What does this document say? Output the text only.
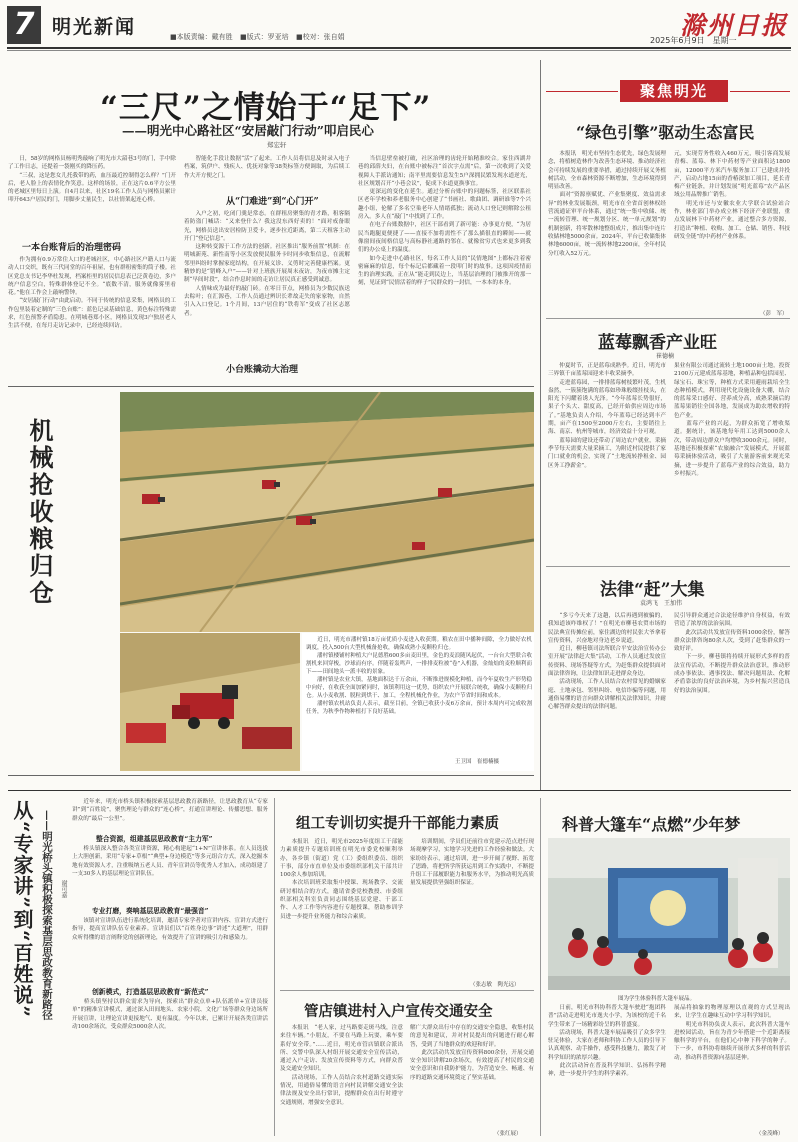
7 明光新闻	■本版责编：戴有胜 ■版式：罗亚培 ■校对：张自娟	滁州日报
2025年6月9日　星期一
“三尺”之情始于“足下”
——明光中心路社区“安居敲门行动”叩启民心
郑宏轩
　　日，58岁的网格员杨明秀敲响了明光市大韶巷3号的门，手中除了工作日志，还提着一袋刚买的降压药。
　　“三叔，这是您女儿托我带的药，血压最近控制得怎么样？”门开后，老人脸上的表情化作笑意。这样的场景，正在这片0.6平方公里的老城区里每日上演。自4月以来，社区19名工作人员与网格员累计叩开643户居民的门，用脚步丈量民生，以社情架起连心桥。
一本台账背后的治理密码
　　作为拥有0.9万常住人口的老城社区，中心路社区户籍人口与流动人口交织，既有三代同堂的百年祖屋，也有群租密集的筒子楼。社区党总支书记李华杜发现，档案柜里的居民信息表已泛黄卷边，多户统户信息空白，特殊群体登记不全。“底数不清，服务就像雾里看花。”他在工作会上敲响警钟。
　　“安居敲门行动”由此启动。不同于传统的信息采集，网格员的工作包里装着定制的“三色台账”：蓝色记录基础信息，黄色标注特殊需求，红色预警矛盾隐患。在明城巷郑小区，网格员发现3户独居老人生活不便，在每月走访记录中，已经连续回访。
　　智能化手段让数据“活”了起来。工作人员将信息及时录入电子档案，筑伊户、残疾人、优抚对象等38类标签方便调取，为后续工作大开方便之门。
从“门难进”到“心门开”
　　入户之初，吃闭门羹是常态。在群租房聚集的青才路，租客隔着防盗门喊话：“又来登什么？我这没东西好卖的！”面对戒备眼光，网格员送出安居检防卫爱卡，逐步拉近距离，第二天租客主动开门“登记信息”。
　　这种转变源于工作方法的创新。社区推出“服务前置”机制：在明城新苑、新性南等小区发放便民服务卡时同步收集信息，在流解邻里纠纷时掌握家庭结构，在开展义诊、义剪时完善健康档案。更精妙的是“错峰入户”——针对上班族开展周末夜访，为夜市摊主定制“早间时段”，结合作息时间的走访让居民真正感受到诚意。
　　人情味成为最好的敲门砖。在零日节点，网格员为少数民族送去粽叶；在汇源巷，工作人员通过辨识长辈故走失的家家物，自然引入入口登记。1个月间，13户居住的“铁将军”变成了社区志愿者。
小台账撬动大治理
　　当信息壁垒被打破，社区治理的齿轮开始精准咬合。家住西湖井巷的邱薛夫妇，在台账中被标注“首次字点需”后，第一次收到了关爱视障人手派访通知；南平里需要信息发生5户深拥民繁发现水道逆光，社区规划召开“小巷会议”，促成下水道更换事宜。
　　更深远的变化在延生。通过分析台账中的问题标签，社区联系社区老年学校和养老服务中心创建了“书画社、歌曲团、调研谁等7个兴趣小组，伦解了多名空巢老年人情绪孤独；流动人口登记则解除公租房入。多人在“敲门”中找到了工作。
　　在电子台账数据中，社区干部看到了新可能：办事更方便，“为居民当跑腿更便捷了——直接不加将需性不了那么描很直的瞬间——就像窗间夜间格信息与高标静社通路的邻在、就像贫穷式也来更多到我们的办公桌上的温度。
　　如今走进中心路社区，每名工作人员的“民情地图”上都标注着密密麻麻的信息，每个标记后都藏着一段叩门时的故事。这项因疫情而生的治理实践，正在从“能走到民边上，当基层治理的门被推开的那一刻，见证到“民情活着的样子”民群众的一封信，一本本的本身。
机械抢收粮归仓
　　近日，明光市潘村镇18万亩优质小麦进入收获期。粮农在田中播种间隙，全力做好农机调度，投入500台大型机械备抢收，确保成熟小麦颗粒归仓。
　　潘村镇楼铺村种植大户昆德胜600多亩麦田里，金色的麦浪随风起伏，一台台大型联合收割机来回穿梭，沙球而有序。伴随着轰鸣声，一排排麦粒被“卷”入机器，金灿灿的麦粒顺利而下——田间地头一派丰收的景象。
　　潘村镇是农业大镇，基地面积达千万余亩，不断推进规模化种植，而今年夏收生产形势稳中向好，在收获全面加紧同时，该镇利用这一优势，组织农户开展联合统收，确保小麦颗粒归仓。从小麦收割、脱粒到烘干、加工，全程机械化作业，为农户节省时间和成本。
　　潘村镇农机站负责人表示，截至目前，全镇已收获小麦6万余亩，预计本周内可完成收割任务，为秋季作物种植打下良好基础。
王卫国　崔德楠摄
聚焦明光
“绿色引擎”驱动生态富民
　　本报讯　明光市坚持生态优先，绿色发展理念，将植树造林作为改善生态环境、推动经济社会可持续发展的重要举措，通过持续开展义务植树活动，全市森林资源不断增加，生态环境得到明显改善。
　　面对“资源禀赋优、产业集聚度、效益需求异”的林业发展瓶颈，明光市在全省首创林权经营流通证审平台体系，通过“统一集中收储、统一流转管理、统一规划分区、统一单元规划”的机制创新，将零散林地整组成片，推出集中连片收储林地5000余亩。2024年，平台已收储集体林地6000亩，统一流转林地2200亩，全年村民分红收入52万元。
元，实现劳务性收入460万元，吸引客商发展青梅、蓝莓、林下中药材等产业面积达1800亩，12000平方米汽车服务加工厂已建成并投产，启动占地15亩的香椿深加工项目，延长青梅产业链条，并计划发展“明光蓝莓”农产品区域公用品牌推广销售。
　　明光市还与安徽农业大学联合试验站合作，林业部门举办成立林下经济产业联盟，重点发展林下中药材产业，通过整合多方资源，打造出“种植、收购、加工、仓储、销售、科技研发全链”的中药材产业体系。
（彭　军）
蓝莓飘香产业旺
崔德楠
　　仲夏时节，正是蓝莓成熟季。近日，明光市三界镇千亩蓝莓园迎来丰收采摘季。
　　走进蓝莓园，一排排蓝莓树枝繁叶茂，生机盎然，一簇簇饱满的蓝莓如珍珠般缀挂枝头，在阳光下闪耀着诱人光泽。“今年蓝莓长势很好，果子个头大、甜度高，已经开始供应周边市场了。”基地负责人介绍，今年蓝莓已经达到丰产期，亩产在1500至2000斤左右，主要销往上海、南京、杭州等城市，经济效益十分可观。
　　蓝莓园的建设还带动了周边农户就业，采摘季节每天需要大量采摘工，为附近村民提供了家门口就业的机会，实现了“土地流转挣租金、园区务工挣薪金”。
果业有限公司通过流转土地1000亩土地，投资2100万元建成蓝莓基地，种植品种包括园星、绿宝石、珠宝等，种植方式采用避雨栽培全生态种植模式，利用现代化设施设备大棚，结合的蓝莓采口感好、营养成分高，成熟采摘后的蓝莓果销往全国各地，发展成为助农增收的特色产业。
　　蓝莓产业的兴起，为群众拓宽了增收渠道。据统计，该基地每年用工达到5000余人次，带动周边群众户均增收3000余元。同时，基地还积极探索“农旅融合”发展模式，开展蓝莓采摘体验活动，吸引了大量游客前来观光采摘，进一步提升了蓝莓产业的综合效益，助力乡村振兴。
法律“赶”大集
袁鸿飞　王加伟
　　“多亏今天来了这趟，以后再遇到被骗的，我知道该咋维权了！”在明光市柳巷农贸市场的民法典宣传摊位前，家住湖边的村民张大爷拿着宣传资料，兴奋地对身边老乡说道。
　　近日，柳巷镇司法所联合平安法治宣传办公室开展“法律赶大集”活动，工作人员通过发放宣传资料、现场答疑等方式，为赶集群众提供面对面法律咨询，让法律知识走进群众身边。
　　活动现场，工作人员结合农村常见的婚姻家庭、土地承包、邻里纠纷、电信诈骗等问题，用通俗易懂的语言向群众讲解相关法律知识，并耐心解答群众提出的法律问题。
民引导群众通过合法途径维护自身权益，有效营造了浓厚的法治氛围。
　　此次活动共发放宣传资料1000余份，解答群众法律咨询80余人次，受到了赶集群众的一致好评。
　　下一步，柳巷镇将持续开展形式多样的普法宣传活动，不断提升群众法治意识，推动形成办事依法、遇事找法、解决问题用法、化解矛盾靠法的良好法治环境，为乡村振兴营造良好的法治氛围。
从“专家讲”到“百姓说” ——明光桥头镇积极探索基层思政教育新路径	谢可嘉
　　近年来，明光市桥头镇积极探索基层思政教育新路径，让思政教育从“专家讲”到“百姓说”，聚焦理论与群众的“连心桥”，打通宣讲理论、传播思想、服务群众的“最后一公里”。
整合资源，组建基层思政教育“主力军”
　　桥头镇深入整合各类宣讲资源，精心构建起“1+N”宣讲体系。在人员选拔上大胆创新，采用“专家+草根”“典型+身边模范”等多元组合方式，深入挖掘本地有效资源人才，注重吸纳五老人员、青年宣讲员等优秀人才加入，成功组建了一支30多人的基层理论宣讲队伍。
专业打磨，奏响基层思政教育“最强音”
　　该镇对宣讲队伍进行系统化培训，邀请专家学者对宣讲内容、宣讲方式进行指导，提高宣讲队伍专业素养。宣讲员们以“百姓身边事”讲述“大道理”，用群众听得懂的语言阐释党的创新理论，有效提升了宣讲的吸引力和感染力。
创新模式，打造基层思政教育“新范式”
　　桥头镇坚持以群众需求为导向，探索出“群众点单+队伍派单+宣讲员接单”的精准宣讲模式，通过深入田间地头、农家小院、文化广场等群众身边场所开展宣讲，让理论宣讲更接地气、更有温度。今年以来，已累计开展各类宣讲活动100余场次，受众群众5000余人次。
组工专训切实提升干部能力素质
　　本报讯　近日，明光市2025年度组工干部能力素质提升专题培训班在明光市委党校顺利举办，各乡镇（街道）党（工）委组织委员、组织干事，部分市直单位及市委组织部机关干部共计100余人参加培训。
　　本次培训班采取集中授课、现场教学、交流研讨相结合的方式，邀请省委党校教授、市委组织部相关科室负责同志围绕基层党建、干部工作、人才工作等内容进行专题授课，帮助参训学员进一步提升业务能力和综合素质。
　　培训期间，学员们还前往市党建示范点进行现场观摩学习，实地学习先进的工作经验和做法。大家纷纷表示，通过培训，进一步开阔了视野、拓宽了思路，将把所学所获运用到工作实践中，不断提升组工干部履职能力和服务水平，为推动明光高质量发展提供坚强组织保证。
（张志敏　陶光远）
管店镇进村入户宣传交通安全
　　本报讯　“老人家，过马路要走斑马线，注意来往车辆。”小朋友，不要在马路上玩耍，乘车要系好安全带。”……近日，明光市管店镇联合派出所、交警中队深入村组开展交通安全宣传活动，通过入户走访、发放宣传资料等方式，向群众普及交通安全知识。
　　活动现场，工作人员结合农村道路交通实际情况，用通俗易懂的语言向村民讲解交通安全法律法规及安全出行常识，提醒群众在出行时遵守交通规则，增强安全意识。
解广大群众出行中存在的交通安全隐患，收集村民的意见和建议，并对村民提出的问题进行耐心解答，受到了当地群众的欢迎和好评。
　　此次活动共发放宣传资料800余份，开展交通安全知识讲解20余场次，有效提高了村民的交通安全意识和自我防护能力，为营造安全、畅通、有序的道路交通环境奠定了坚实基础。
（张红展）
科普大篷车“点燃”少年梦
图为学生体验科普大篷车展品。
　　日前，明光市科协科普大篷车驶进“抱团科普”活动走进明光市逸夫小学，为该校的近千名学生带来了一场精彩纷呈的科普盛宴。
　　活动现场，科普大篷车展品吸引了众多学生驻足体验，大家在老师和科协工作人员的引导下认真观察、动手操作，感受科技魅力，激发了对科学知识的浓厚兴趣。
　　此次活动旨在普及科学知识、弘扬科学精神，进一步提升学生的科学素养。
展品将抽象的物理原理以直观的方式呈现出来，让学生在趣味互动中学习科学知识。
　　明光市科协负责人表示，此次科普大篷车进校园活动，旨在为青少年搭建一个近距离接触科学的平台，在他们心中种下科学的种子。下一步，市科协将继续开展形式多样的科普活动，推动科普资源向基层延伸。
（金茂峰）
